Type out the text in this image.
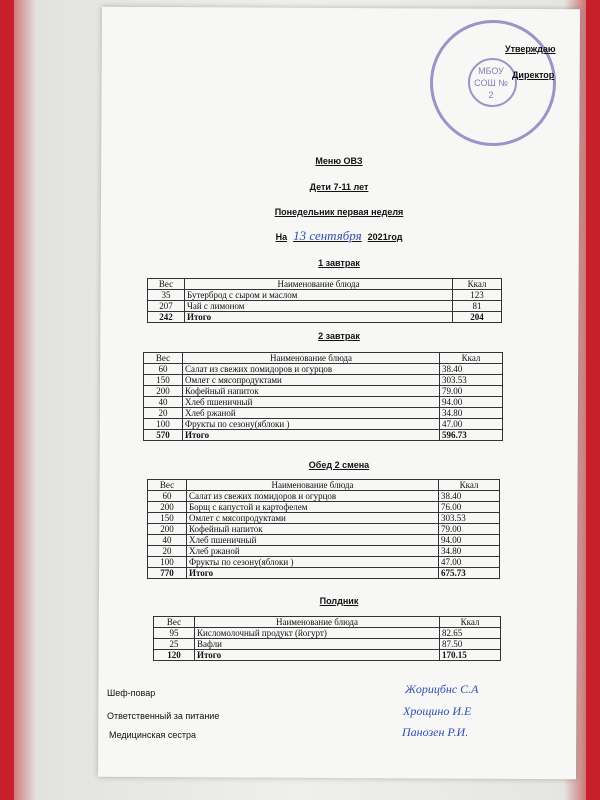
МБОУ СОШ № 2
Утверждаю
Директор
Меню ОВЗ
Дети 7-11 лет
Понедельник первая неделя
На 13 сентября 2021год
1 завтрак
Вес	Наименование блюда	Ккал
35	Бутерброд с сыром и маслом	123
207	Чай с лимоном	81
242	Итого	204
2 завтрак
Вес	Наименование блюда	Ккал
60	Салат из свежих помидоров и огурцов	38.40
150	Омлет с мясопродуктами	303.53
200	Кофейный напиток	79.00
40	Хлеб пшеничный	94.00
20	Хлеб ржаной	34.80
100	Фрукты по сезону(яблоки )	47.00
570	Итого	596.73
Обед 2 смена
Вес	Наименование блюда	Ккал
60	Салат из свежих помидоров и огурцов	38.40
200	Борщ с капустой и картофелем	76.00
150	Омлет с мясопродуктами	303.53
200	Кофейный напиток	79.00
40	Хлеб пшеничный	94.00
20	Хлеб ржаной	34.80
100	Фрукты по сезону(яблоки )	47.00
770	Итого	675.73
Полдник
Вес	Наименование блюда	Ккал
95	Кисломолочный продукт (йогурт)	82.65
25	Вафли	87.50
120	Итого	170.15
Шеф-повар	Жорицбнс С.А
Ответственный за питание	Хрощино И.Е
Медицинская сестра	Панозен Р.И.
